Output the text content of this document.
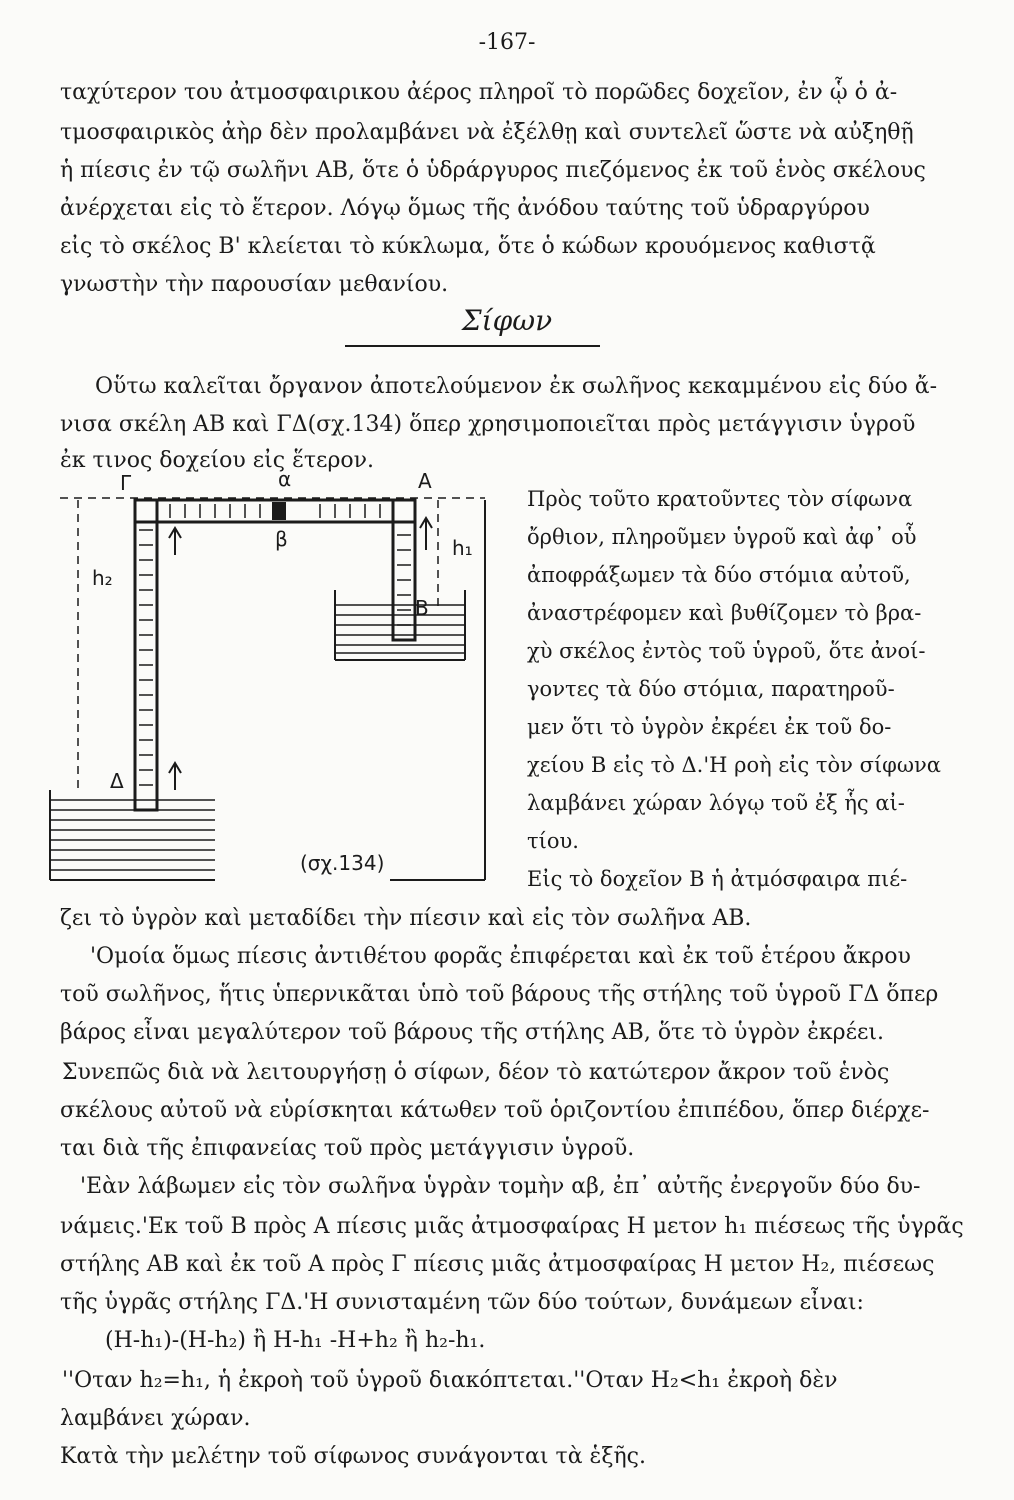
-167-
ταχύτερον του ἀτμοσφαιρικου ἀέρος πληροῖ τὸ πορῶδες δοχεῖον, ἐν ᾧ ὁ ἀ-
τμοσφαιρικὸς ἀὴρ δὲν προλαμβάνει νὰ ἐξέλθῃ καὶ συντελεῖ ὥστε νὰ αὐξηθῇ
ἡ πίεσις ἐν τῷ σωλῆνι ΑΒ, ὅτε ὁ ὑδράργυρος πιεζόμενος ἐκ τοῦ ἑνὸς σκέλους
ἀνέρχεται εἰς τὸ ἕτερον. Λόγῳ ὅμως τῆς ἀνόδου ταύτης τοῦ ὑδραργύρου
εἰς τὸ σκέλος Β' κλείεται τὸ κύκλωμα, ὅτε ὁ κώδων κρουόμενος καθιστᾷ
γνωστὴν τὴν παρουσίαν μεθανίου.
Σίφων
Οὕτω καλεῖται ὄργανον ἀποτελούμενον ἐκ σωλῆνος κεκαμμένου εἰς δύο ἄ-
νισα σκέλη ΑΒ καὶ ΓΔ(σχ.134) ὅπερ χρησιμοποιεῖται πρὸς μετάγγισιν ὑγροῦ
ἐκ τινος δοχείου εἰς ἕτερον.
Γ	α	Α
β	h₁
h₂
Β
Δ
(σχ.134)
Πρὸς τοῦτο κρατοῦντες τὸν σίφωνα
ὄρθιον, πληροῦμεν ὑγροῦ καὶ ἀφ᾽ οὗ
ἀποφράξωμεν τὰ δύο στόμια αὐτοῦ,
ἀναστρέφομεν καὶ βυθίζομεν τὸ βρα-
χὺ σκέλος ἐντὸς τοῦ ὑγροῦ, ὅτε ἀνοί-
γοντες τὰ δύο στόμια, παρατηροῦ-
μεν ὅτι τὸ ὑγρὸν ἐκρέει ἐκ τοῦ δο-
χείου Β εἰς τὸ Δ.'Η ροὴ εἰς τὸν σίφωνα
λαμβάνει χώραν λόγῳ τοῦ ἐξ ἧς αἰ-
τίου.
Εἰς τὸ δοχεῖον Β ἡ ἀτμόσφαιρα πιέ-
ζει τὸ ὑγρὸν καὶ μεταδίδει τὴν πίεσιν καὶ εἰς τὸν σωλῆνα ΑΒ.
'Ομοία ὅμως πίεσις ἀντιθέτου φορᾶς ἐπιφέρεται καὶ ἐκ τοῦ ἑτέρου ἄκρου
τοῦ σωλῆνος, ἥτις ὑπερνικᾶται ὑπὸ τοῦ βάρους τῆς στήλης τοῦ ὑγροῦ ΓΔ ὅπερ
βάρος εἶναι μεγαλύτερον τοῦ βάρους τῆς στήλης ΑΒ, ὅτε τὸ ὑγρὸν ἐκρέει.
Συνεπῶς διὰ νὰ λειτουργήσῃ ὁ σίφων, δέον τὸ κατώτερον ἄκρον τοῦ ἑνὸς
σκέλους αὐτοῦ νὰ εὑρίσκηται κάτωθεν τοῦ ὁριζοντίου ἐπιπέδου, ὅπερ διέρχε-
ται διὰ τῆς ἐπιφανείας τοῦ πρὸς μετάγγισιν ὑγροῦ.
'Εὰν λάβωμεν εἰς τὸν σωλῆνα ὑγρὰν τομὴν αβ, ἐπ᾽ αὐτῆς ἐνεργοῦν δύο δυ-
νάμεις.'Εκ τοῦ Β πρὸς Α πίεσις μιᾶς ἀτμοσφαίρας Η μετον h₁ πιέσεως τῆς ὑγρᾶς
στήλης ΑΒ καὶ ἐκ τοῦ Α πρὸς Γ πίεσις μιᾶς ἀτμοσφαίρας Η μετον H₂, πιέσεως
τῆς ὑγρᾶς στήλης ΓΔ.'Η συνισταμένη τῶν δύο τούτων, δυνάμεων εἶναι:
(Η-h₁)-(Η-h₂) ἢ Η-h₁ -Η+h₂ ἢ h₂-h₁.
''Οταν h₂=h₁, ἡ ἐκροὴ τοῦ ὑγροῦ διακόπτεται.''Οταν H₂<h₁ ἐκροὴ δὲν
λαμβάνει χώραν.
Κατὰ τὴν μελέτην τοῦ σίφωνος συνάγονται τὰ ἑξῆς.
